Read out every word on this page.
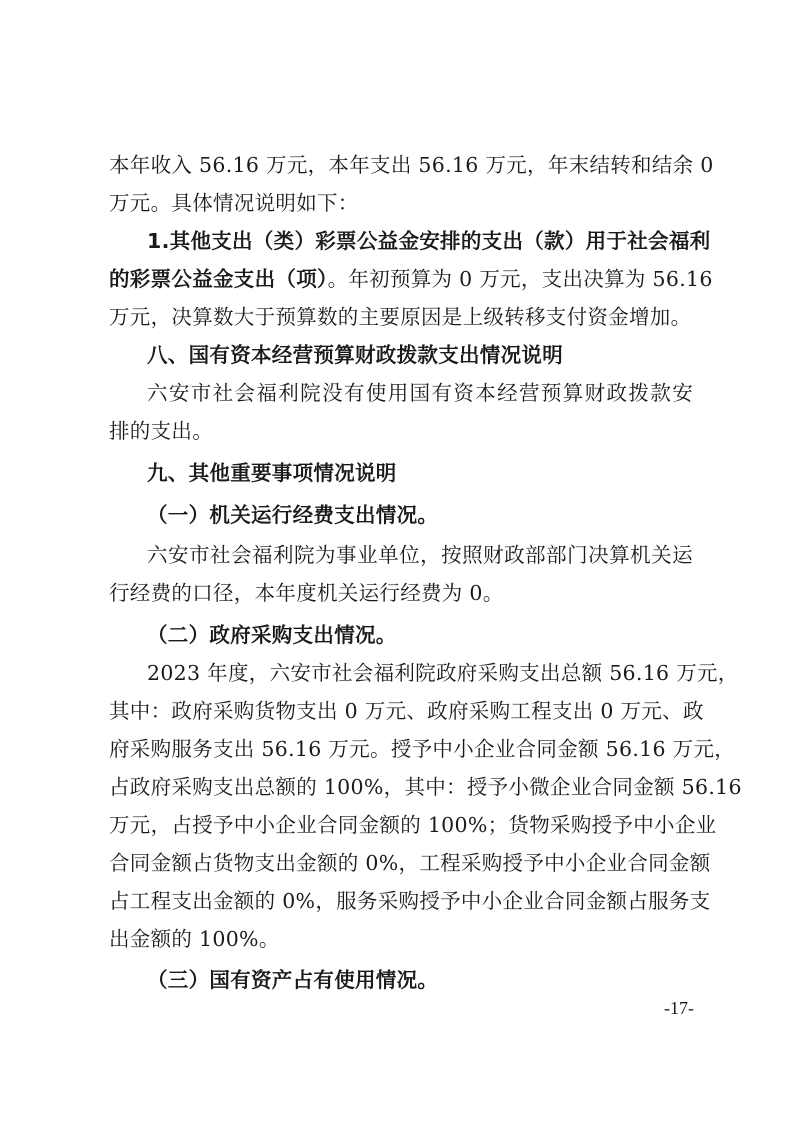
本年收入 56.16 万元，本年支出 56.16 万元，年末结转和结余 0
万元。具体情况说明如下：
1.其他支出（类）彩票公益金安排的支出（款）用于社会福利
的彩票公益金支出（项）。年初预算为 0 万元，支出决算为 56.16
万元，决算数大于预算数的主要原因是上级转移支付资金增加。
八、国有资本经营预算财政拨款支出情况说明
六安市社会福利院没有使用国有资本经营预算财政拨款安
排的支出。
九、其他重要事项情况说明
（一）机关运行经费支出情况。
六安市社会福利院为事业单位，按照财政部部门决算机关运
行经费的口径，本年度机关运行经费为 0。
（二）政府采购支出情况。
2023 年度，六安市社会福利院政府采购支出总额 56.16 万元，
其中：政府采购货物支出 0 万元、政府采购工程支出 0 万元、政
府采购服务支出 56.16 万元。授予中小企业合同金额 56.16 万元，
占政府采购支出总额的 100%，其中：授予小微企业合同金额 56.16
万元，占授予中小企业合同金额的 100%；货物采购授予中小企业
合同金额占货物支出金额的 0%，工程采购授予中小企业合同金额
占工程支出金额的 0%，服务采购授予中小企业合同金额占服务支
出金额的 100%。
（三）国有资产占有使用情况。
-17-
